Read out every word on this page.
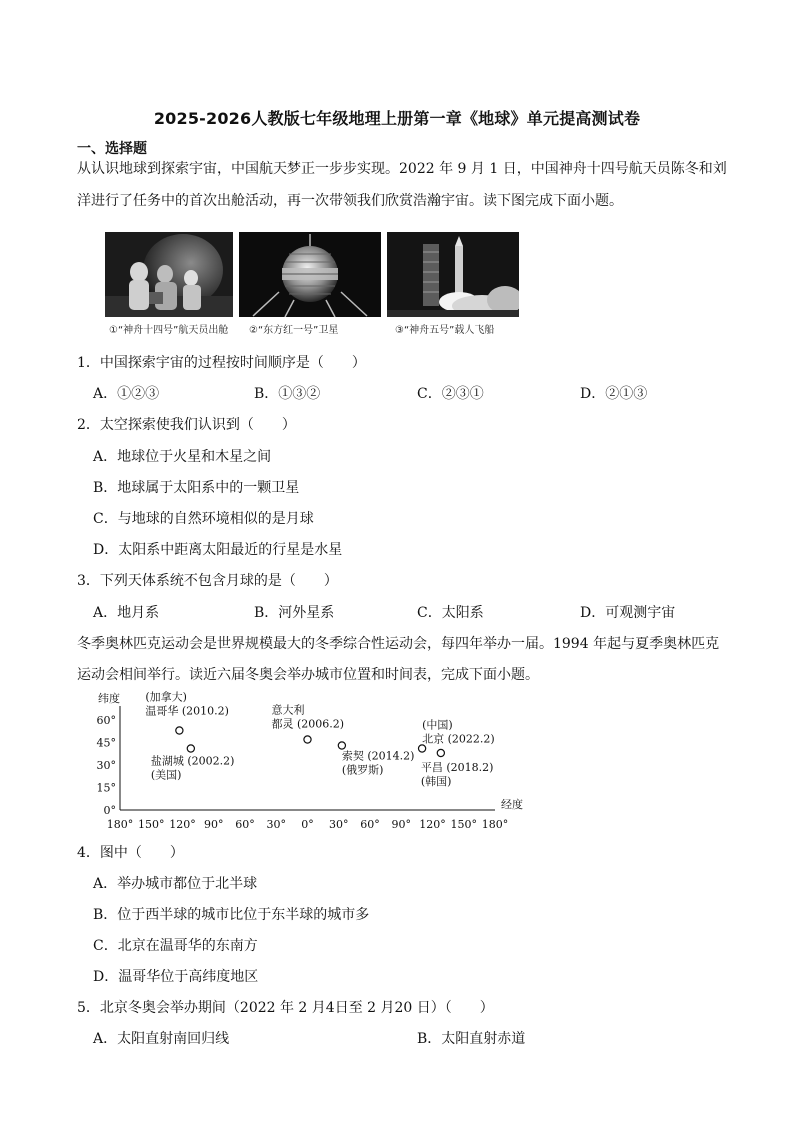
2025-2026人教版七年级地理上册第一章《地球》单元提高测试卷
一、选择题
从认识地球到探索宇宙，中国航天梦正一步步实现。2022 年 9 月 1 日，中国神舟十四号航天员陈冬和刘
洋进行了任务中的首次出舱活动，再一次带领我们欣赏浩瀚宇宙。读下图完成下面小题。
①“神舟十四号”航天员出舱 ②“东方红一号”卫星	③“神舟五号”载人飞船
1．中国探索宇宙的过程按时间顺序是（　　）
A．①②③	B．①③②	C．②③①	D．②①③
2．太空探索使我们认识到（　　）
A．地球位于火星和木星之间
B．地球属于太阳系中的一颗卫星
C．与地球的自然环境相似的是月球
D．太阳系中距离太阳最近的行星是水星
3．下列天体系统不包含月球的是（　　）
A．地月系	B．河外星系	C．太阳系	D．可观测宇宙
冬季奥林匹克运动会是世界规模最大的冬季综合性运动会，每四年举办一届。1994 年起与夏季奥林匹克
运动会相间举行。读近六届冬奥会举办城市位置和时间表，完成下面小题。
纬度
经度
60°
45°
30°
15°
0°
180° 150° 120° 90° 60° 30° 0° 30° 60° 90° 120° 150° 180°
(加拿大)
温哥华 (2010.2)
盐湖城 (2002.2)
(美国)
意大利
都灵 (2006.2)
索契 (2014.2)
(俄罗斯)
(中国)
北京 (2022.2)
平昌 (2018.2)
(韩国)
4．图中（　　）
A．举办城市都位于北半球
B．位于西半球的城市比位于东半球的城市多
C．北京在温哥华的东南方
D．温哥华位于高纬度地区
5．北京冬奥会举办期间（2022 年 2 月4日至 2 月20 日）（　　）
A．太阳直射南回归线	B．太阳直射赤道
